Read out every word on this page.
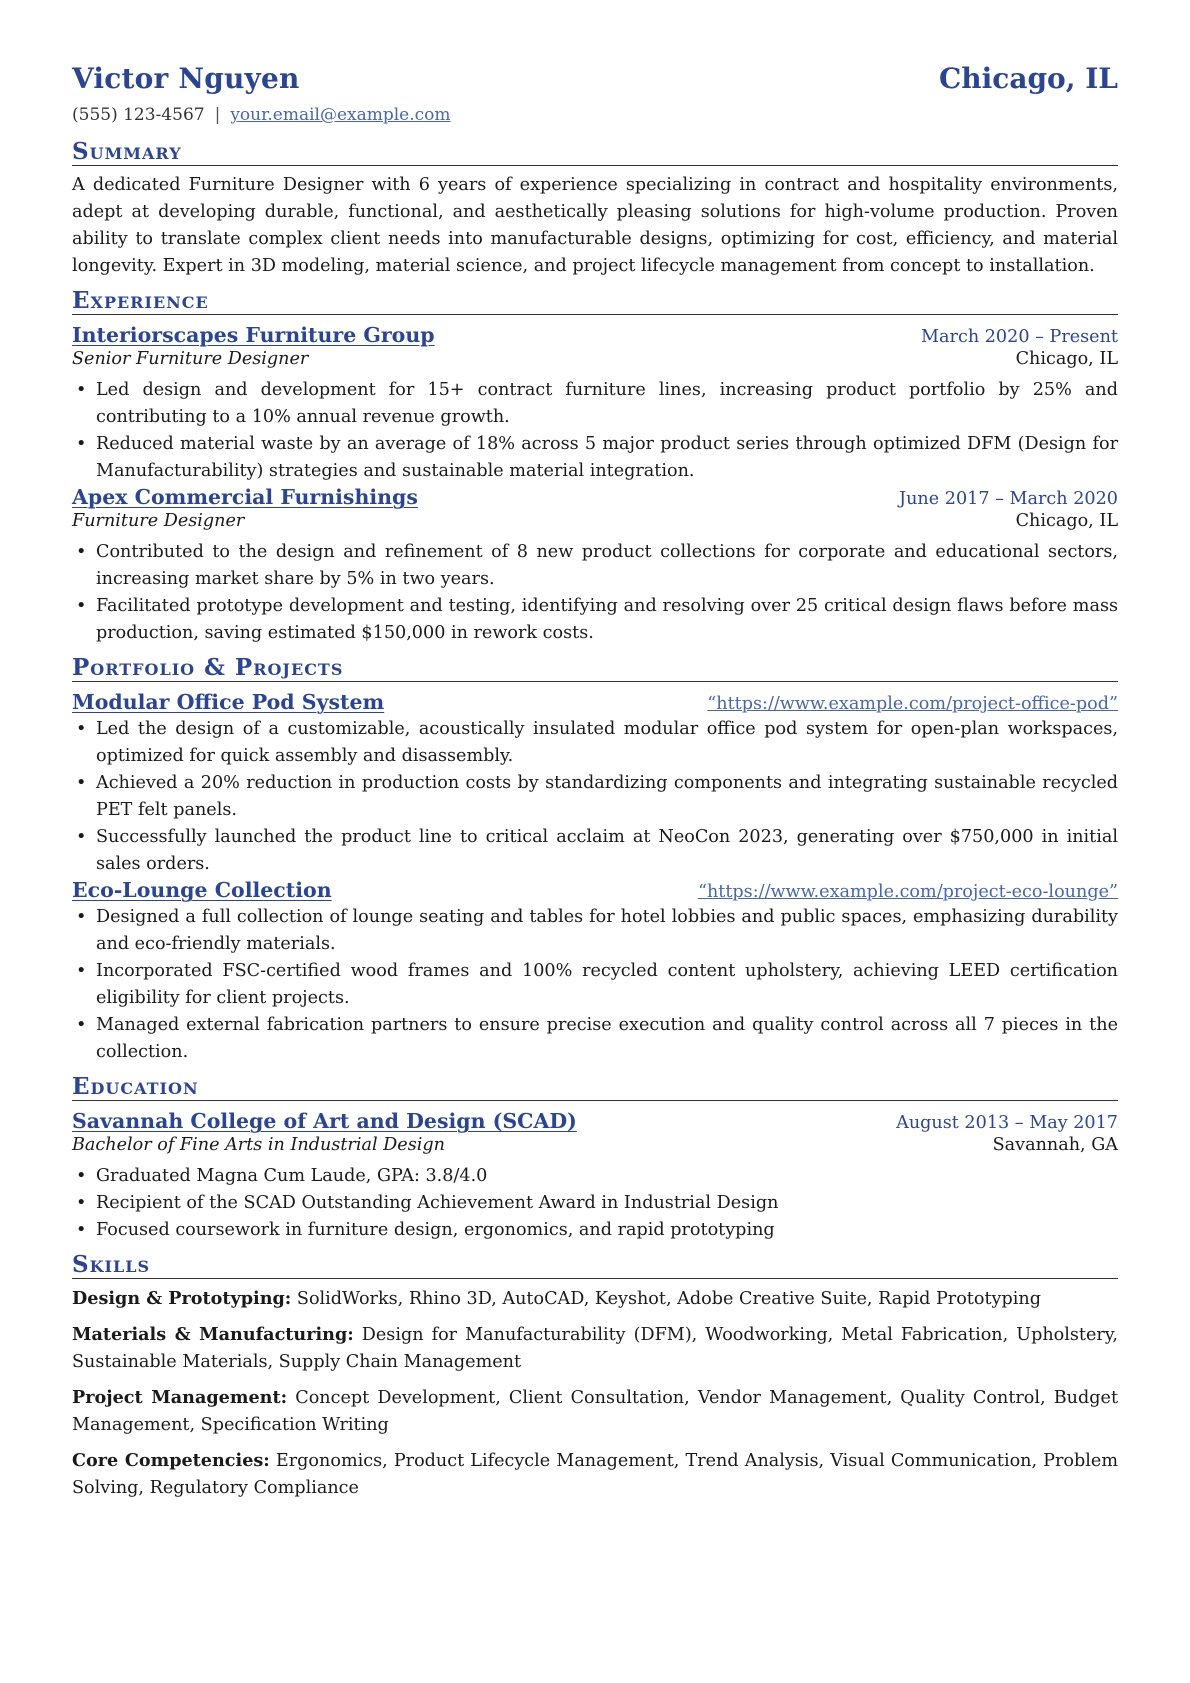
Victor Nguyen	Chicago, IL
(555) 123-4567 | your.email@example.com
Summary
A dedicated Furniture Designer with 6 years of experience specializing in contract and hospitality environments, adept at developing durable, functional, and aesthetically pleasing solutions for high-volume production. Proven ability to translate complex client needs into manufacturable designs, optimizing for cost, efficiency, and material longevity. Expert in 3D modeling, material science, and project lifecycle management from concept to installation.
Experience
Interiorscapes Furniture Group	March 2020 – Present
Senior Furniture Designer	Chicago, IL
• Led design and development for 15+ contract furniture lines, increasing product portfolio by 25% and contributing to a 10% annual revenue growth.
• Reduced material waste by an average of 18% across 5 major product series through optimized DFM (Design for Manufacturability) strategies and sustainable material integration.
Apex Commercial Furnishings	June 2017 – March 2020
Furniture Designer	Chicago, IL
• Contributed to the design and refinement of 8 new product collections for corporate and educational sectors, increasing market share by 5% in two years.
• Facilitated prototype development and testing, identifying and resolving over 25 critical design flaws before mass production, saving estimated $150,000 in rework costs.
Portfolio & Projects
Modular Office Pod System	“https://www.example.com/project-office-pod”
• Led the design of a customizable, acoustically insulated modular office pod system for open-plan workspaces, optimized for quick assembly and disassembly.
• Achieved a 20% reduction in production costs by standardizing components and integrating sustainable recycled PET felt panels.
• Successfully launched the product line to critical acclaim at NeoCon 2023, generating over $750,000 in initial sales orders.
Eco-Lounge Collection	“https://www.example.com/project-eco-lounge”
• Designed a full collection of lounge seating and tables for hotel lobbies and public spaces, emphasizing durability and eco-friendly materials.
• Incorporated FSC-certified wood frames and 100% recycled content upholstery, achieving LEED certification eligibility for client projects.
• Managed external fabrication partners to ensure precise execution and quality control across all 7 pieces in the collection.
Education
Savannah College of Art and Design (SCAD)	August 2013 – May 2017
Bachelor of Fine Arts in Industrial Design	Savannah, GA
• Graduated Magna Cum Laude, GPA: 3.8/4.0
• Recipient of the SCAD Outstanding Achievement Award in Industrial Design
• Focused coursework in furniture design, ergonomics, and rapid prototyping
Skills
Design & Prototyping: SolidWorks, Rhino 3D, AutoCAD, Keyshot, Adobe Creative Suite, Rapid Prototyping
Materials & Manufacturing: Design for Manufacturability (DFM), Woodworking, Metal Fabrication, Upholstery, Sustainable Materials, Supply Chain Management
Project Management: Concept Development, Client Consultation, Vendor Management, Quality Control, Budget Management, Specification Writing
Core Competencies: Ergonomics, Product Lifecycle Management, Trend Analysis, Visual Communication, Problem Solving, Regulatory Compliance
